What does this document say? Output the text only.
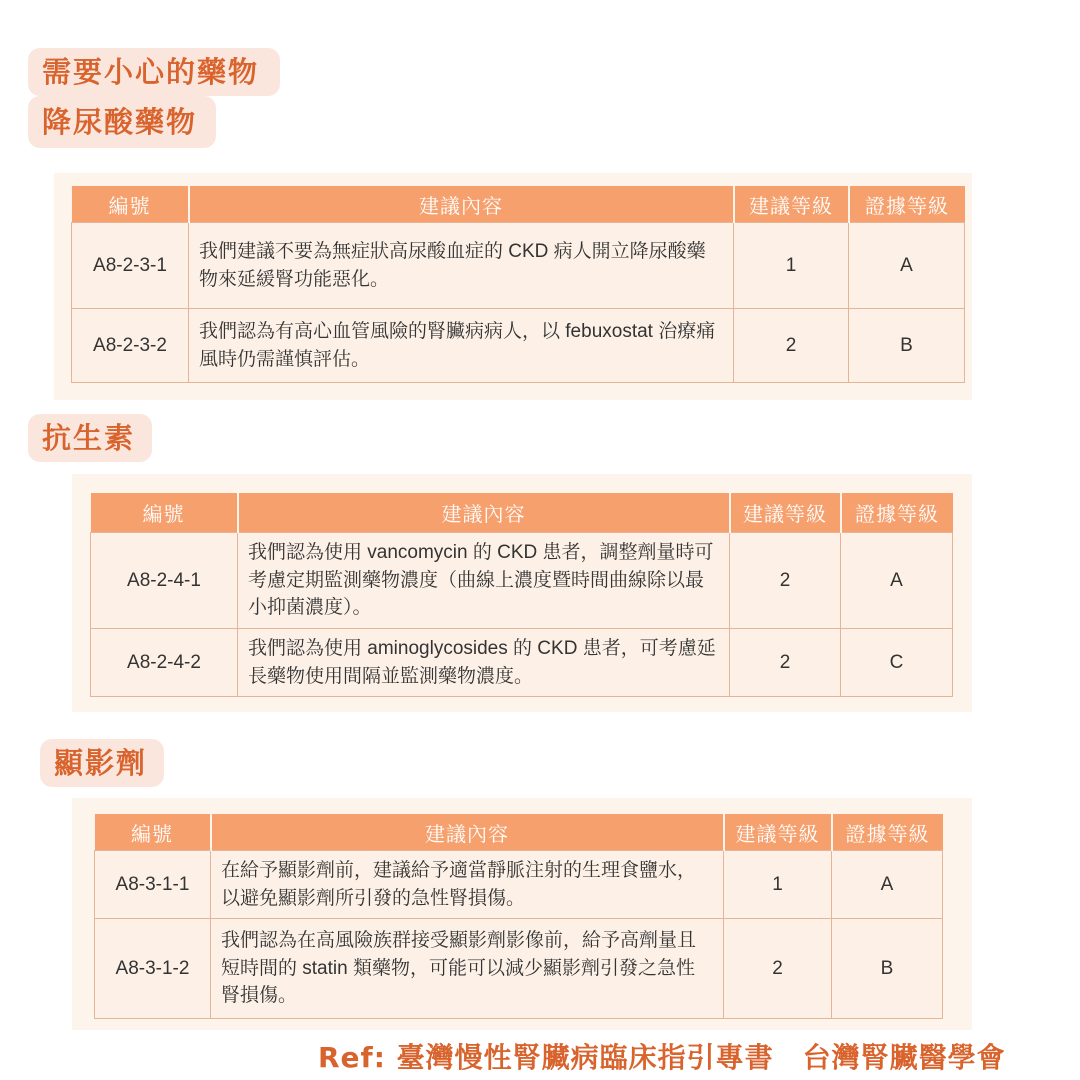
需要小心的藥物
降尿酸藥物
編號	建議內容	建議等級	證據等級
A8-2-3-1	我們建議不要為無症狀高尿酸血症的 CKD 病人開立降尿酸藥物來延緩腎功能惡化。	1	A
A8-2-3-2	我們認為有高心血管風險的腎臟病病人，以 febuxostat 治療痛風時仍需謹慎評估。	2	B
抗生素
編號	建議內容	建議等級	證據等級
A8-2-4-1	我們認為使用 vancomycin 的 CKD 患者，調整劑量時可考慮定期監測藥物濃度（曲線上濃度暨時間曲線除以最小抑菌濃度）。	2	A
A8-2-4-2	我們認為使用 aminoglycosides 的 CKD 患者，可考慮延長藥物使用間隔並監測藥物濃度。	2	C
顯影劑
編號	建議內容	建議等級	證據等級
A8-3-1-1	在給予顯影劑前，建議給予適當靜脈注射的生理食鹽水，以避免顯影劑所引發的急性腎損傷。	1	A
A8-3-1-2	我們認為在高風險族群接受顯影劑影像前，給予高劑量且短時間的 statin 類藥物，可能可以減少顯影劑引發之急性腎損傷。	2	B
Ref: 臺灣慢性腎臟病臨床指引專書　台灣腎臟醫學會
